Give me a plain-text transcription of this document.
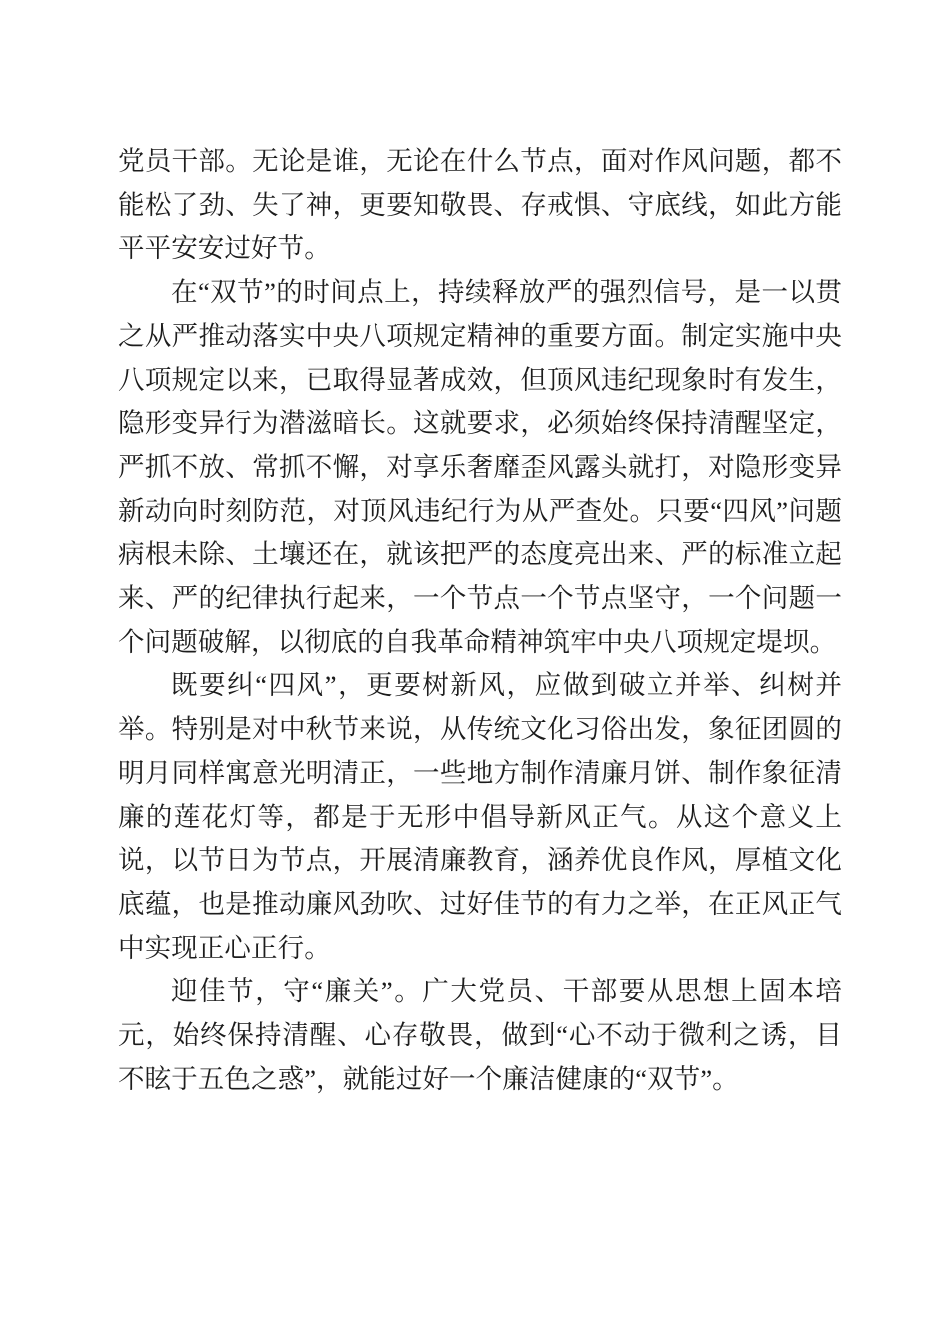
党员干部。无论是谁，无论在什么节点，面对作风问题，都不能松了劲、失了神，更要知敬畏、存戒惧、守底线，如此方能平平安安过好节。

在“双节”的时间点上，持续释放严的强烈信号，是一以贯之从严推动落实中央八项规定精神的重要方面。制定实施中央八项规定以来，已取得显著成效，但顶风违纪现象时有发生，隐形变异行为潜滋暗长。这就要求，必须始终保持清醒坚定，严抓不放、常抓不懈，对享乐奢靡歪风露头就打，对隐形变异新动向时刻防范，对顶风违纪行为从严查处。只要“四风”问题病根未除、土壤还在，就该把严的态度亮出来、严的标准立起来、严的纪律执行起来，一个节点一个节点坚守，一个问题一个问题破解，以彻底的自我革命精神筑牢中央八项规定堤坝。

既要纠“四风”，更要树新风，应做到破立并举、纠树并举。特别是对中秋节来说，从传统文化习俗出发，象征团圆的明月同样寓意光明清正，一些地方制作清廉月饼、制作象征清廉的莲花灯等，都是于无形中倡导新风正气。从这个意义上说，以节日为节点，开展清廉教育，涵养优良作风，厚植文化底蕴，也是推动廉风劲吹、过好佳节的有力之举，在正风正气中实现正心正行。

迎佳节，守“廉关”。广大党员、干部要从思想上固本培元，始终保持清醒、心存敬畏，做到“心不动于微利之诱，目不眩于五色之惑”，就能过好一个廉洁健康的“双节”。
